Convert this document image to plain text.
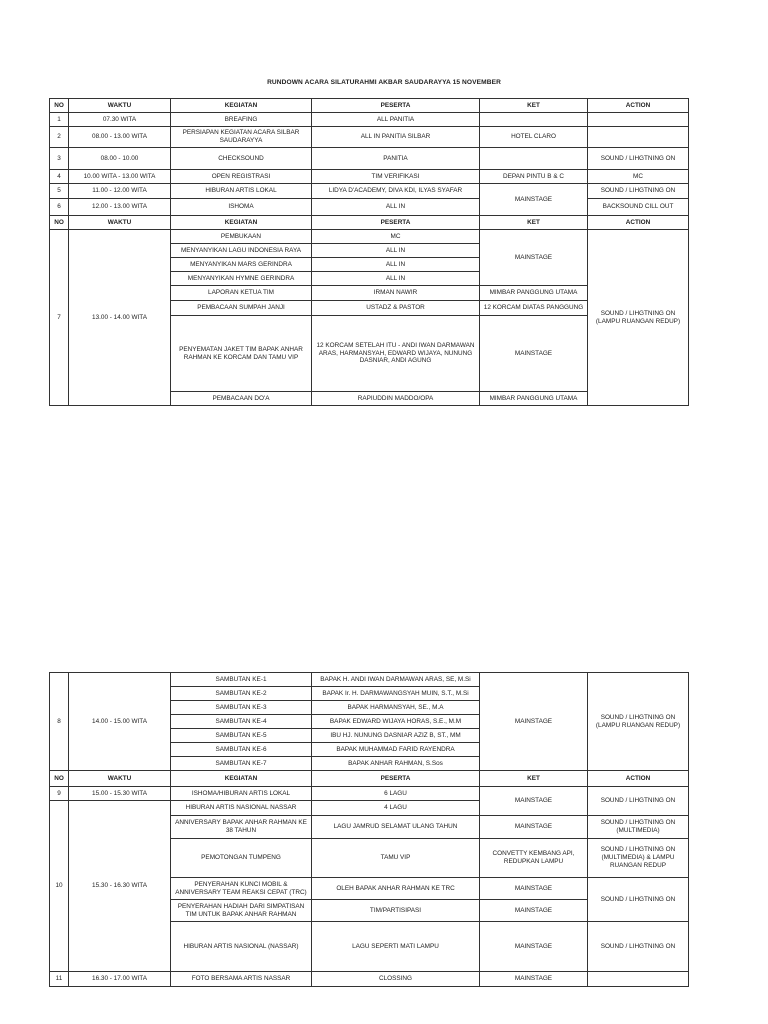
RUNDOWN ACARA SILATURAHMI AKBAR SAUDARAYYA 15 NOVEMBER
NO	WAKTU	KEGIATAN	PESERTA	KET	ACTION
1	07.30 WITA	BREAFING	ALL PANITIA		
2	08.00 - 13.00 WITA	PERSIAPAN KEGIATAN ACARA SILBAR SAUDARAYYA	ALL IN PANITIA SILBAR	HOTEL CLARO	
3	08.00 - 10.00	CHECKSOUND	PANITIA		SOUND / LIHGTNING ON
4	10.00 WITA - 13.00 WITA	OPEN REGISTRASI	TIM VERIFIKASI	DEPAN PINTU B & C	MC
5	11.00 - 12.00 WITA	HIBURAN ARTIS LOKAL	LIDYA D'ACADEMY, DIVA KDI, ILYAS SYAFAR	MAINSTAGE	SOUND / LIHGTNING ON
6	12.00 - 13.00 WITA	ISHOMA	ALL IN		BACKSOUND CILL OUT
NO	WAKTU	KEGIATAN	PESERTA	KET	ACTION
7	13.00 - 14.00 WITA	PEMBUKAAN	MC	MAINSTAGE	SOUND / LIHGTNING ON (LAMPU RUANGAN REDUP)
		MENYANYIKAN LAGU INDONESIA RAYA	ALL IN		
		MENYANYIKAN MARS GERINDRA	ALL IN		
		MENYANYIKAN HYMNE GERINDRA	ALL IN		
		LAPORAN KETUA TIM	IRMAN NAWIR	MIMBAR PANGGUNG UTAMA	
		PEMBACAAN SUMPAH JANJI	USTADZ & PASTOR	12 KORCAM DIATAS PANGGUNG	
		PENYEMATAN JAKET TIM BAPAK ANHAR RAHMAN KE KORCAM DAN TAMU VIP	12 KORCAM SETELAH ITU - ANDI IWAN DARMAWAN ARAS, HARMANSYAH, EDWARD WIJAYA, NUNUNG DASNIAR, ANDI AGUNG	MAINSTAGE	
		PEMBACAAN DO'A	RAPIUDDIN MADDO/OPA	MIMBAR PANGGUNG UTAMA	
8	14.00 - 15.00 WITA	SAMBUTAN KE-1	BAPAK H. ANDI IWAN DARMAWAN ARAS, SE, M.Si	MAINSTAGE	SOUND / LIHGTNING ON (LAMPU RUANGAN REDUP)
		SAMBUTAN KE-2	BAPAK Ir. H. DARMAWANGSYAH MUIN, S.T., M.Si		
		SAMBUTAN KE-3	BAPAK HARMANSYAH, SE., M.A		
		SAMBUTAN KE-4	BAPAK EDWARD WIJAYA HORAS, S.E., M.M		
		SAMBUTAN KE-5	IBU HJ. NUNUNG DASNIAR AZIZ B, ST., MM		
		SAMBUTAN KE-6	BAPAK MUHAMMAD FARID RAYENDRA		
		SAMBUTAN KE-7	BAPAK ANHAR RAHMAN, S.Sos		
NO	WAKTU	KEGIATAN	PESERTA	KET	ACTION
9	15.00 - 15.30 WITA	ISHOMA/HIBURAN ARTIS LOKAL	6 LAGU	MAINSTAGE	SOUND / LIHGTNING ON
10	15.30 - 16.30 WITA	HIBURAN ARTIS NASIONAL NASSAR	4 LAGU		
		ANNIVERSARY BAPAK ANHAR RAHMAN KE 38 TAHUN	LAGU JAMRUD SELAMAT ULANG TAHUN	MAINSTAGE	SOUND / LIHGTNING ON (MULTIMEDIA)
		PEMOTONGAN TUMPENG	TAMU VIP	CONVETTY KEMBANG API, REDUPKAN LAMPU	SOUND / LIHGTNING ON (MULTIMEDIA) & LAMPU RUANGAN REDUP
		PENYERAHAN KUNCI MOBIL & ANNIVERSARY TEAM REAKSI CEPAT (TRC)	OLEH BAPAK ANHAR RAHMAN KE TRC	MAINSTAGE	SOUND / LIHGTNING ON
		PENYERAHAN HADIAH DARI SIMPATISAN TIM UNTUK BAPAK ANHAR RAHMAN	TIM/PARTISIPASI	MAINSTAGE	
		HIBURAN ARTIS NASIONAL (NASSAR)	LAGU SEPERTI MATI LAMPU	MAINSTAGE	SOUND / LIHGTNING ON
11	16.30 - 17.00 WITA	FOTO BERSAMA ARTIS NASSAR	CLOSSING	MAINSTAGE	
